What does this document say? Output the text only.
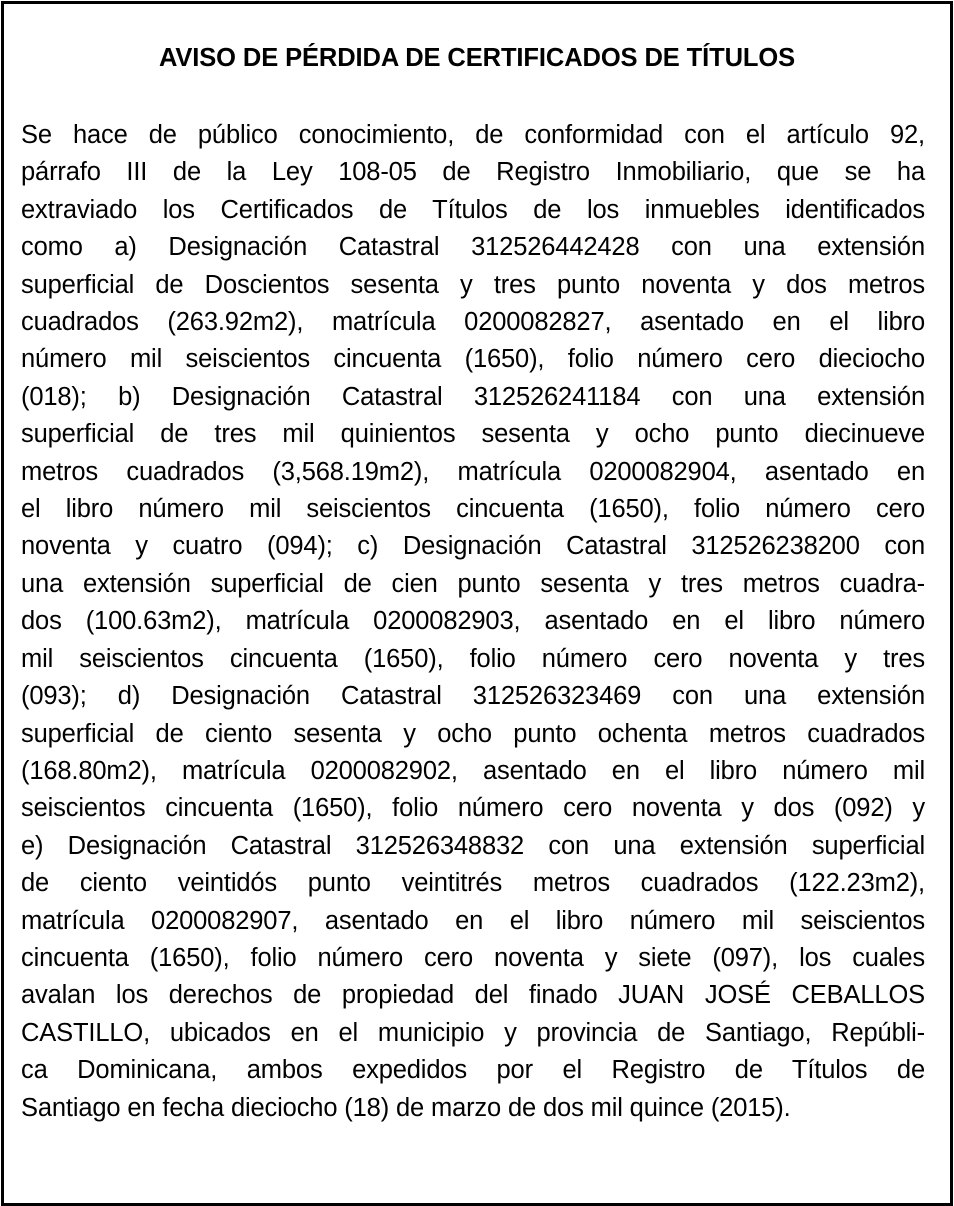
AVISO DE PÉRDIDA DE CERTIFICADOS DE TÍTULOS
Se hace de público conocimiento, de conformidad con el artículo 92,
párrafo III de la Ley 108-05 de Registro Inmobiliario, que se ha
extraviado los Certificados de Títulos de los inmuebles identificados
como a) Designación Catastral 312526442428 con una extensión
superficial de Doscientos sesenta y tres punto noventa y dos metros
cuadrados (263.92m2), matrícula 0200082827, asentado en el libro
número mil seiscientos cincuenta (1650), folio número cero dieciocho
(018); b) Designación Catastral 312526241184 con una extensión
superficial de tres mil quinientos sesenta y ocho punto diecinueve
metros cuadrados (3,568.19m2), matrícula 0200082904, asentado en
el libro número mil seiscientos cincuenta (1650), folio número cero
noventa y cuatro (094); c) Designación Catastral 312526238200 con
una extensión superficial de cien punto sesenta y tres metros cuadra-
dos (100.63m2), matrícula 0200082903, asentado en el libro número
mil seiscientos cincuenta (1650), folio número cero noventa y tres
(093); d) Designación Catastral 312526323469 con una extensión
superficial de ciento sesenta y ocho punto ochenta metros cuadrados
(168.80m2), matrícula 0200082902, asentado en el libro número mil
seiscientos cincuenta (1650), folio número cero noventa y dos (092) y
e) Designación Catastral 312526348832 con una extensión superficial
de ciento veintidós punto veintitrés metros cuadrados (122.23m2),
matrícula 0200082907, asentado en el libro número mil seiscientos
cincuenta (1650), folio número cero noventa y siete (097), los cuales
avalan los derechos de propiedad del finado JUAN JOSÉ CEBALLOS
CASTILLO, ubicados en el municipio y provincia de Santiago, Repúbli-
ca Dominicana, ambos expedidos por el Registro de Títulos de
Santiago en fecha dieciocho (18) de marzo de dos mil quince (2015).
